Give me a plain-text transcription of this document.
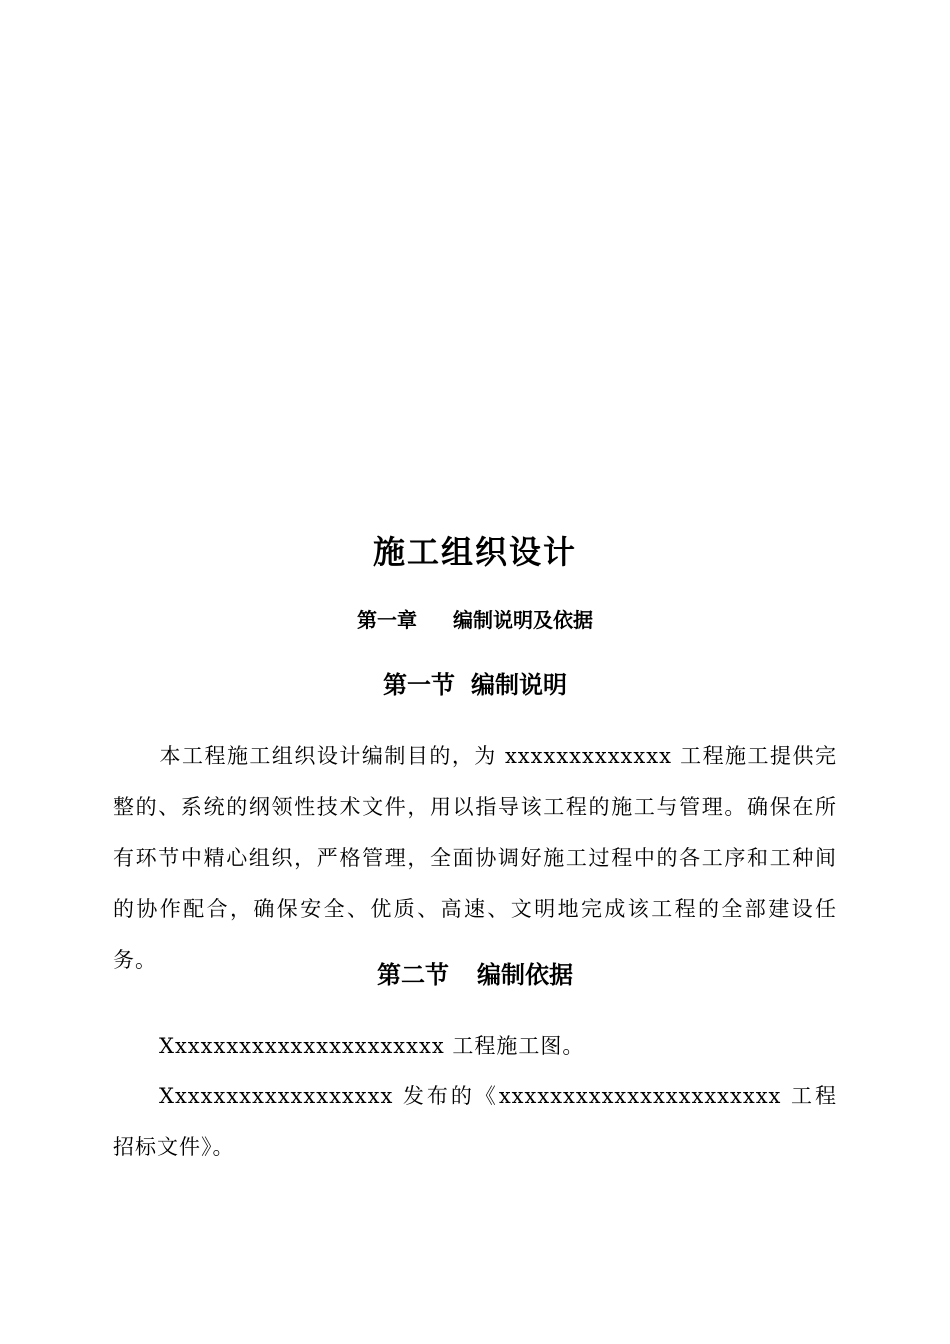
施工组织设计
第一章 编制说明及依据
第一节 编制说明
本工程施工组织设计编制目的，为 xxxxxxxxxxxxx 工程施工提供完整的、系统的纲领性技术文件，用以指导该工程的施工与管理。确保在所有环节中精心组织，严格管理，全面协调好施工过程中的各工序和工种间的协作配合，确保安全、优质、高速、文明地完成该工程的全部建设任务。	第二节 编制依据
Xxxxxxxxxxxxxxxxxxxxxx 工程施工图。
Xxxxxxxxxxxxxxxxxx 发布的《xxxxxxxxxxxxxxxxxxxxxx 工程招标文件》。
